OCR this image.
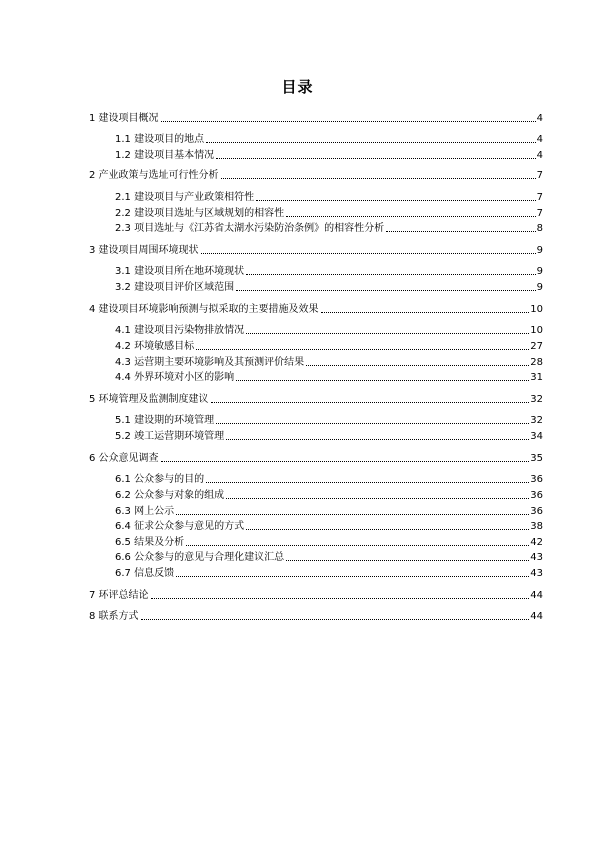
目录
1 建设项目概况	4
1.1 建设项目的地点	4
1.2 建设项目基本情况	4
2 产业政策与选址可行性分析	7
2.1 建设项目与产业政策相符性	7
2.2 建设项目选址与区域规划的相容性	7
2.3 项目选址与《江苏省太湖水污染防治条例》的相容性分析	8
3 建设项目周围环境现状	9
3.1 建设项目所在地环境现状	9
3.2 建设项目评价区域范围	9
4 建设项目环境影响预测与拟采取的主要措施及效果	10
4.1 建设项目污染物排放情况	10
4.2 环境敏感目标	27
4.3 运营期主要环境影响及其预测评价结果	28
4.4 外界环境对小区的影响	31
5 环境管理及监测制度建议	32
5.1 建设期的环境管理	32
5.2 竣工运营期环境管理	34
6 公众意见调查	35
6.1 公众参与的目的	36
6.2 公众参与对象的组成	36
6.3 网上公示	36
6.4 征求公众参与意见的方式	38
6.5 结果及分析	42
6.6 公众参与的意见与合理化建议汇总	43
6.7 信息反馈	43
7 环评总结论	44
8 联系方式	44
